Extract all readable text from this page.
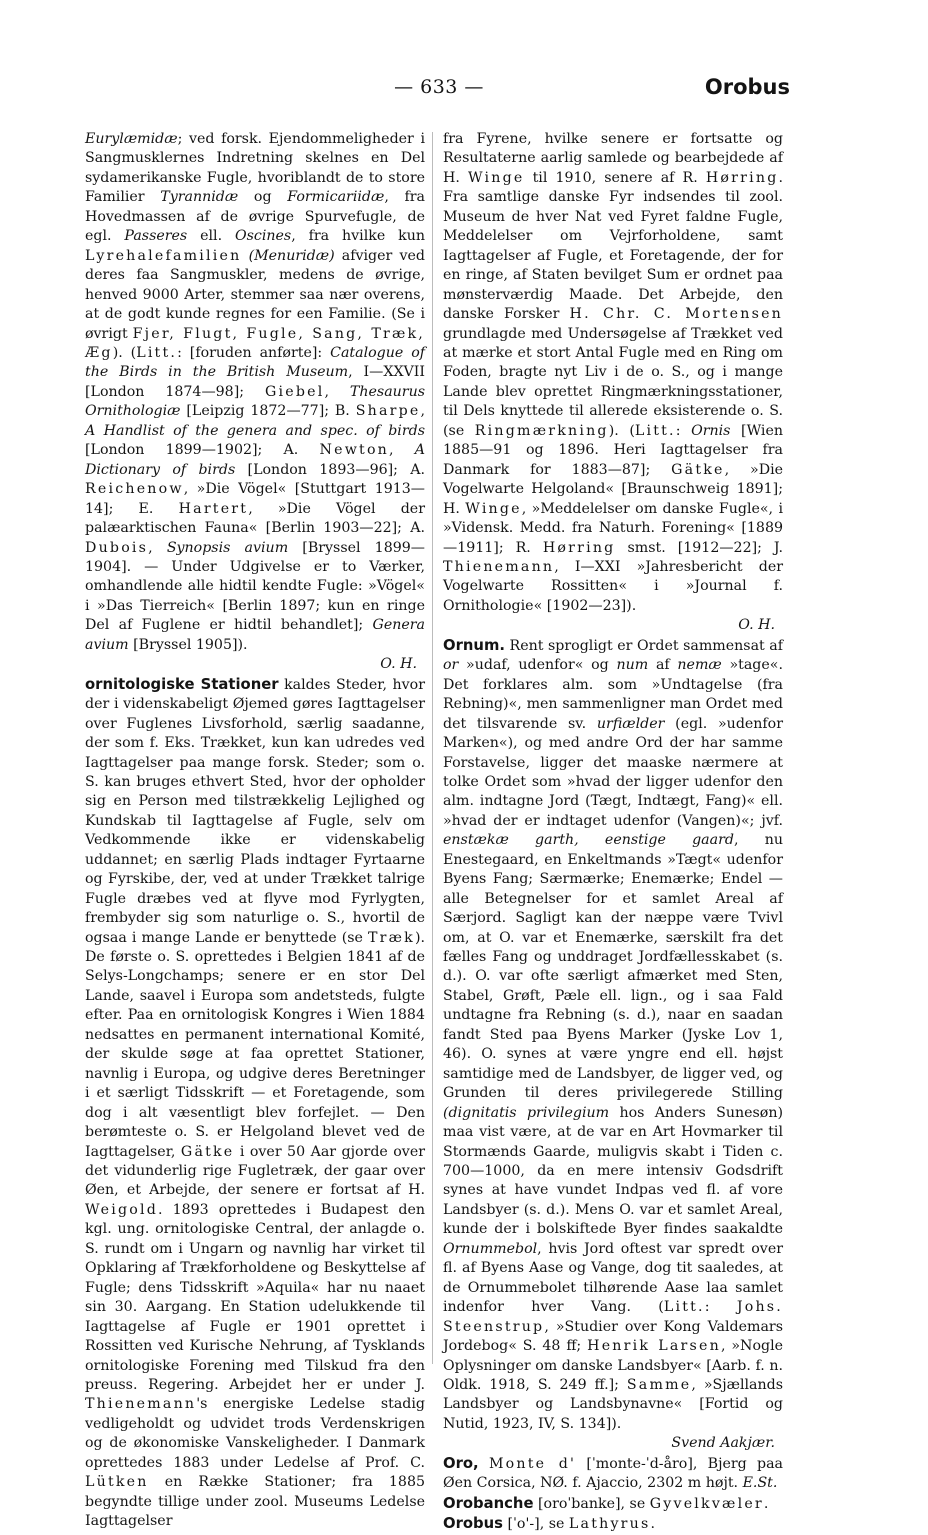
— 633 —	Orobus

Eurylæmidæ; ved forsk. Ejendommeligheder i Sangmusklernes Indretning skelnes en Del sydamerikanske Fugle, hvoriblandt de to store Familier Tyrannidæ og Formicariidæ, fra Hovedmassen af de øvrige Spurvefugle, de egl. Passeres ell. Oscines, fra hvilke kun Lyrehalefamilien (Menuridæ) afviger ved deres faa Sangmuskler, medens de øvrige, henved 9000 Arter, stemmer saa nær overens, at de godt kunde regnes for een Familie. (Se i øvrigt Fjer, Flugt, Fugle, Sang, Træk, Æg). (Litt.: [foruden anførte]: Catalogue of the Birds in the British Museum, I—XXVII [London 1874—98]; Giebel, Thesaurus Ornithologiæ [Leipzig 1872—77]; B. Sharpe, A Handlist of the genera and spec. of birds [London 1899—1902]; A. Newton, A Dictionary of birds [London 1893—96]; A. Reichenow, »Die Vögel« [Stuttgart 1913—14]; E. Hartert, »Die Vögel der palæarktischen Fauna« [Berlin 1903—22]; A. Dubois, Synopsis avium [Bryssel 1899—1904]. — Under Udgivelse er to Værker, omhandlende alle hidtil kendte Fugle: »Vögel« i »Das Tierreich« [Berlin 1897; kun en ringe Del af Fuglene er hidtil behandlet]; Genera avium [Bryssel 1905]).

O. H.

ornitologiske Stationer kaldes Steder, hvor der i videnskabeligt Øjemed gøres Iagttagelser over Fuglenes Livsforhold, særlig saadanne, der som f. Eks. Trækket, kun kan udredes ved Iagttagelser paa mange forsk. Steder; som o. S. kan bruges ethvert Sted, hvor der opholder sig en Person med tilstrækkelig Lejlighed og Kundskab til Iagttagelse af Fugle, selv om Vedkommende ikke er videnskabelig uddannet; en særlig Plads indtager Fyrtaarne og Fyrskibe, der, ved at under Trækket talrige Fugle dræbes ved at flyve mod Fyrlygten, frembyder sig som naturlige o. S., hvortil de ogsaa i mange Lande er benyttede (se Træk). De første o. S. oprettedes i Belgien 1841 af de Selys-Longchamps; senere er en stor Del Lande, saavel i Europa som andetsteds, fulgte efter. Paa en ornitologisk Kongres i Wien 1884 nedsattes en permanent international Komité, der skulde søge at faa oprettet Stationer, navnlig i Europa, og udgive deres Beretninger i et særligt Tidsskrift — et Foretagende, som dog i alt væsentligt blev forfejlet. — Den berømteste o. S. er Helgoland blevet ved de Iagttagelser, Gätke i over 50 Aar gjorde over det vidunderlig rige Fugletræk, der gaar over Øen, et Arbejde, der senere er fortsat af H. Weigold. 1893 oprettedes i Budapest den kgl. ung. ornitologiske Central, der anlagde o. S. rundt om i Ungarn og navnlig har virket til Opklaring af Trækforholdene og Beskyttelse af Fugle; dens Tidsskrift »Aquila« har nu naaet sin 30. Aargang. En Station udelukkende til Iagttagelse af Fugle er 1901 oprettet i Rossitten ved Kurische Nehrung, af Tysklands ornitologiske Forening med Tilskud fra den preuss. Regering. Arbejdet her er under J. Thienemann's energiske Ledelse stadig vedligeholdt og udvidet trods Verdenskrigen og de økonomiske Vanskeligheder. I Danmark oprettedes 1883 under Ledelse af Prof. C. Lütken en Række Stationer; fra 1885 begyndte tillige under zool. Museums Ledelse Iagttagelser

fra Fyrene, hvilke senere er fortsatte og Resultaterne aarlig samlede og bearbejdede af H. Winge til 1910, senere af R. Hørring. Fra samtlige danske Fyr indsendes til zool. Museum de hver Nat ved Fyret faldne Fugle, Meddelelser om Vejrforholdene, samt Iagttagelser af Fugle, et Foretagende, der for en ringe, af Staten bevilget Sum er ordnet paa mønsterværdig Maade. Det Arbejde, den danske Forsker H. Chr. C. Mortensen grundlagde med Undersøgelse af Trækket ved at mærke et stort Antal Fugle med en Ring om Foden, bragte nyt Liv i de o. S., og i mange Lande blev oprettet Ringmærkningsstationer, til Dels knyttede til allerede eksisterende o. S. (se Ringmærkning). (Litt.: Ornis [Wien 1885—91 og 1896. Heri Iagttagelser fra Danmark for 1883—87]; Gätke, »Die Vogelwarte Helgoland« [Braunschweig 1891]; H. Winge, »Meddelelser om danske Fugle«, i »Vidensk. Medd. fra Naturh. Forening« [1889—1911]; R. Hørring smst. [1912—22]; J. Thienemann, I—XXI »Jahresbericht der Vogelwarte Rossitten« i »Journal f. Ornithologie« [1902—23]).

O. H.

Ornum. Rent sprogligt er Ordet sammensat af or »udaf, udenfor« og num af nemæ »tage«. Det forklares alm. som »Undtagelse (fra Rebning)«, men sammenligner man Ordet med det tilsvarende sv. urfiælder (egl. »udenfor Marken«), og med andre Ord der har samme Forstavelse, ligger det maaske nærmere at tolke Ordet som »hvad der ligger udenfor den alm. indtagne Jord (Tægt, Indtægt, Fang)« ell. »hvad der er indtaget udenfor (Vangen)«; jvf. enstækæ garth, eenstige gaard, nu Enestegaard, en Enkeltmands »Tægt« udenfor Byens Fang; Særmærke; Enemærke; Endel — alle Betegnelser for et samlet Areal af Særjord. Sagligt kan der næppe være Tvivl om, at O. var et Enemærke, særskilt fra det fælles Fang og unddraget Jordfællesskabet (s. d.). O. var ofte særligt afmærket med Sten, Stabel, Grøft, Pæle ell. lign., og i saa Fald undtagne fra Rebning (s. d.), naar en saadan fandt Sted paa Byens Marker (Jyske Lov 1, 46). O. synes at være yngre end ell. højst samtidige med de Landsbyer, de ligger ved, og Grunden til deres privilegerede Stilling (dignitatis privilegium hos Anders Sunesøn) maa vist være, at de var en Art Hovmarker til Stormænds Gaarde, muligvis skabt i Tiden c. 700—1000, da en mere intensiv Godsdrift synes at have vundet Indpas ved fl. af vore Landsbyer (s. d.). Mens O. var et samlet Areal, kunde der i bolskiftede Byer findes saakaldte Ornummebol, hvis Jord oftest var spredt over fl. af Byens Aase og Vange, dog tit saaledes, at de Ornummebolet tilhørende Aase laa samlet indenfor hver Vang. (Litt.: Johs. Steenstrup, »Studier over Kong Valdemars Jordebog« S. 48 ff; Henrik Larsen, »Nogle Oplysninger om danske Landsbyer« [Aarb. f. n. Oldk. 1918, S. 249 ff.]; Samme, »Sjællands Landsbyer og Landsbynavne« [Fortid og Nutid, 1923, IV, S. 134]).

Svend Aakjær.

Oro, Monte d' [ˈmonte-ˈd-åro], Bjerg paa Øen Corsica, NØ. f. Ajaccio, 2302 m højt. E.St.

Orobanche [oroˈbanke], se Gyvelkvæler.

Orobus [ˈo'-], se Lathyrus.
